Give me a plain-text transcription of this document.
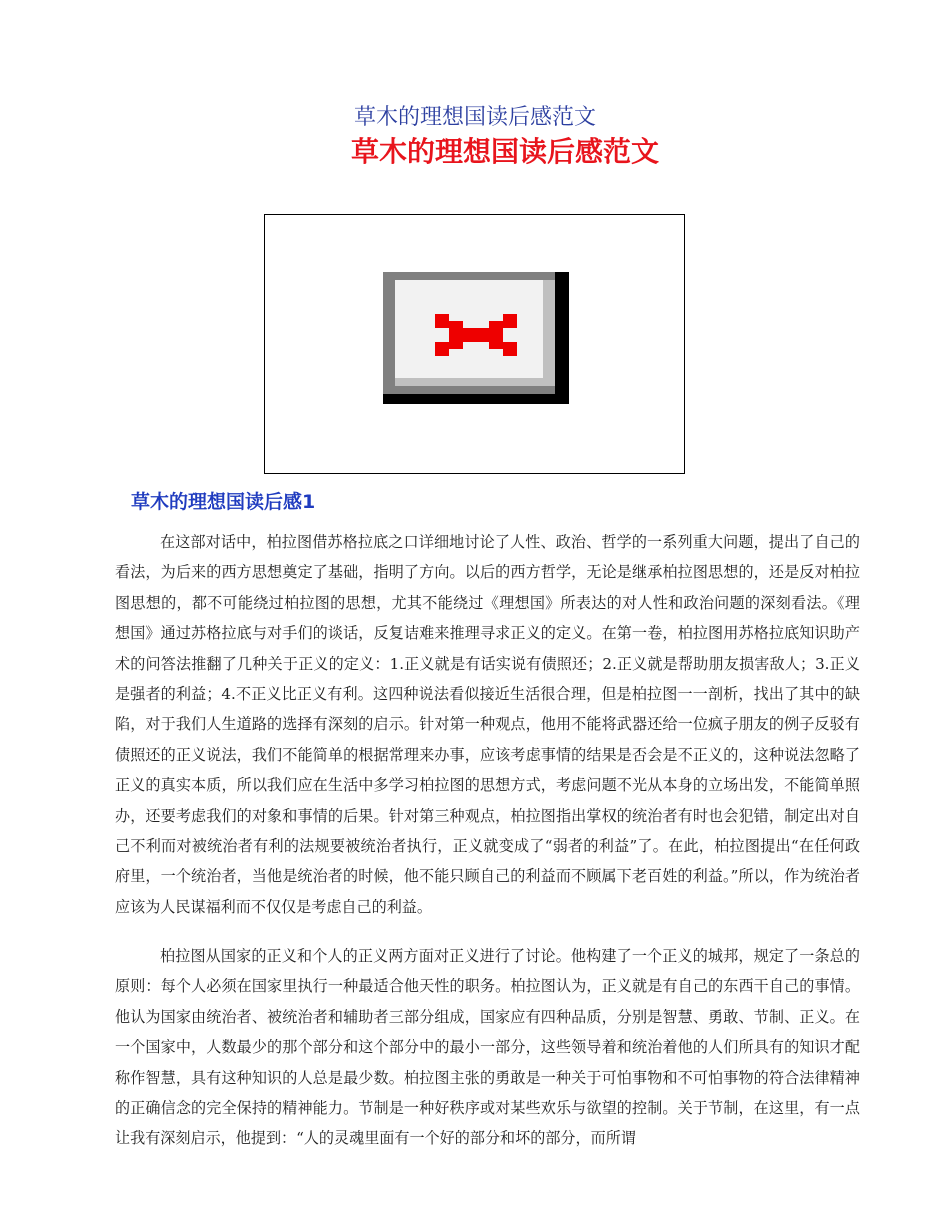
草木的理想国读后感范文
草木的理想国读后感范文
草木的理想国读后感1

在这部对话中，柏拉图借苏格拉底之口详细地讨论了人性、政治、哲学的一系列重大问题，提出了自己的看法，为后来的西方思想奠定了基础，指明了方向。以后的西方哲学，无论是继承柏拉图思想的，还是反对柏拉图思想的，都不可能绕过柏拉图的思想，尤其不能绕过《理想国》所表达的对人性和政治问题的深刻看法。《理想国》通过苏格拉底与对手们的谈话，反复诘难来推理寻求正义的定义。在第一卷，柏拉图用苏格拉底知识助产术的问答法推翻了几种关于正义的定义：1.正义就是有话实说有债照还；2.正义就是帮助朋友损害敌人；3.正义是强者的利益；4.不正义比正义有利。这四种说法看似接近生活很合理，但是柏拉图一一剖析，找出了其中的缺陷，对于我们人生道路的选择有深刻的启示。针对第一种观点，他用不能将武器还给一位疯子朋友的例子反驳有债照还的正义说法，我们不能简单的根据常理来办事，应该考虑事情的结果是否会是不正义的，这种说法忽略了正义的真实本质，所以我们应在生活中多学习柏拉图的思想方式，考虑问题不光从本身的立场出发，不能简单照办，还要考虑我们的对象和事情的后果。针对第三种观点，柏拉图指出掌权的统治者有时也会犯错，制定出对自己不利而对被统治者有利的法规要被统治者执行，正义就变成了“弱者的利益”了。在此，柏拉图提出“在任何政府里，一个统治者，当他是统治者的时候，他不能只顾自己的利益而不顾属下老百姓的利益。”所以，作为统治者应该为人民谋福利而不仅仅是考虑自己的利益。

柏拉图从国家的正义和个人的正义两方面对正义进行了讨论。他构建了一个正义的城邦，规定了一条总的原则：每个人必须在国家里执行一种最适合他天性的职务。柏拉图认为，正义就是有自己的东西干自己的事情。他认为国家由统治者、被统治者和辅助者三部分组成，国家应有四种品质，分别是智慧、勇敢、节制、正义。在一个国家中，人数最少的那个部分和这个部分中的最小一部分，这些领导着和统治着他的人们所具有的知识才配称作智慧，具有这种知识的人总是最少数。柏拉图主张的勇敢是一种关于可怕事物和不可怕事物的符合法律精神的正确信念的完全保持的精神能力。节制是一种好秩序或对某些欢乐与欲望的控制。关于节制，在这里，有一点让我有深刻启示，他提到：“人的灵魂里面有一个好的部分和坏的部分，而所谓
